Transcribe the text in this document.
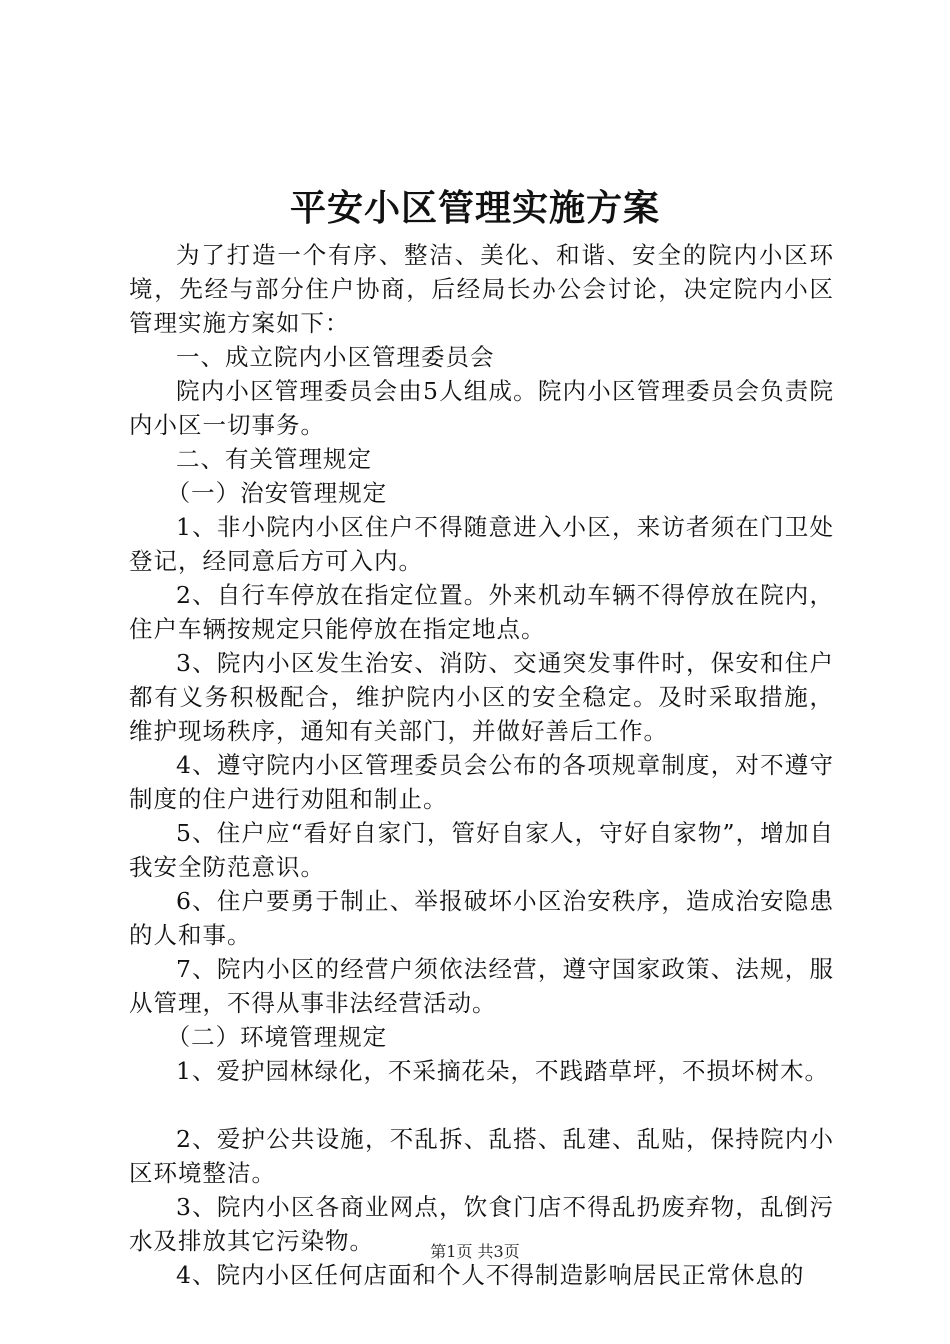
平安小区管理实施方案

为了打造一个有序、整洁、美化、和谐、安全的院内小区环境，先经与部分住户协商，后经局长办公会讨论，决定院内小区管理实施方案如下：

一、成立院内小区管理委员会

院内小区管理委员会由5人组成。院内小区管理委员会负责院内小区一切事务。

二、有关管理规定

（一）治安管理规定

1、非小院内小区住户不得随意进入小区，来访者须在门卫处登记，经同意后方可入内。

2、自行车停放在指定位置。外来机动车辆不得停放在院内，住户车辆按规定只能停放在指定地点。

3、院内小区发生治安、消防、交通突发事件时，保安和住户都有义务积极配合，维护院内小区的安全稳定。及时采取措施，维护现场秩序，通知有关部门，并做好善后工作。

4、遵守院内小区管理委员会公布的各项规章制度，对不遵守制度的住户进行劝阻和制止。

5、住户应“看好自家门，管好自家人，守好自家物”，增加自我安全防范意识。

6、住户要勇于制止、举报破坏小区治安秩序，造成治安隐患的人和事。

7、院内小区的经营户须依法经营，遵守国家政策、法规，服从管理，不得从事非法经营活动。

（二）环境管理规定

1、爱护园林绿化，不采摘花朵，不践踏草坪，不损坏树木。

2、爱护公共设施，不乱拆、乱搭、乱建、乱贴，保持院内小区环境整洁。

3、院内小区各商业网点，饮食门店不得乱扔废弃物，乱倒污水及排放其它污染物。

4、院内小区任何店面和个人不得制造影响居民正常休息的

第1页 共3页
